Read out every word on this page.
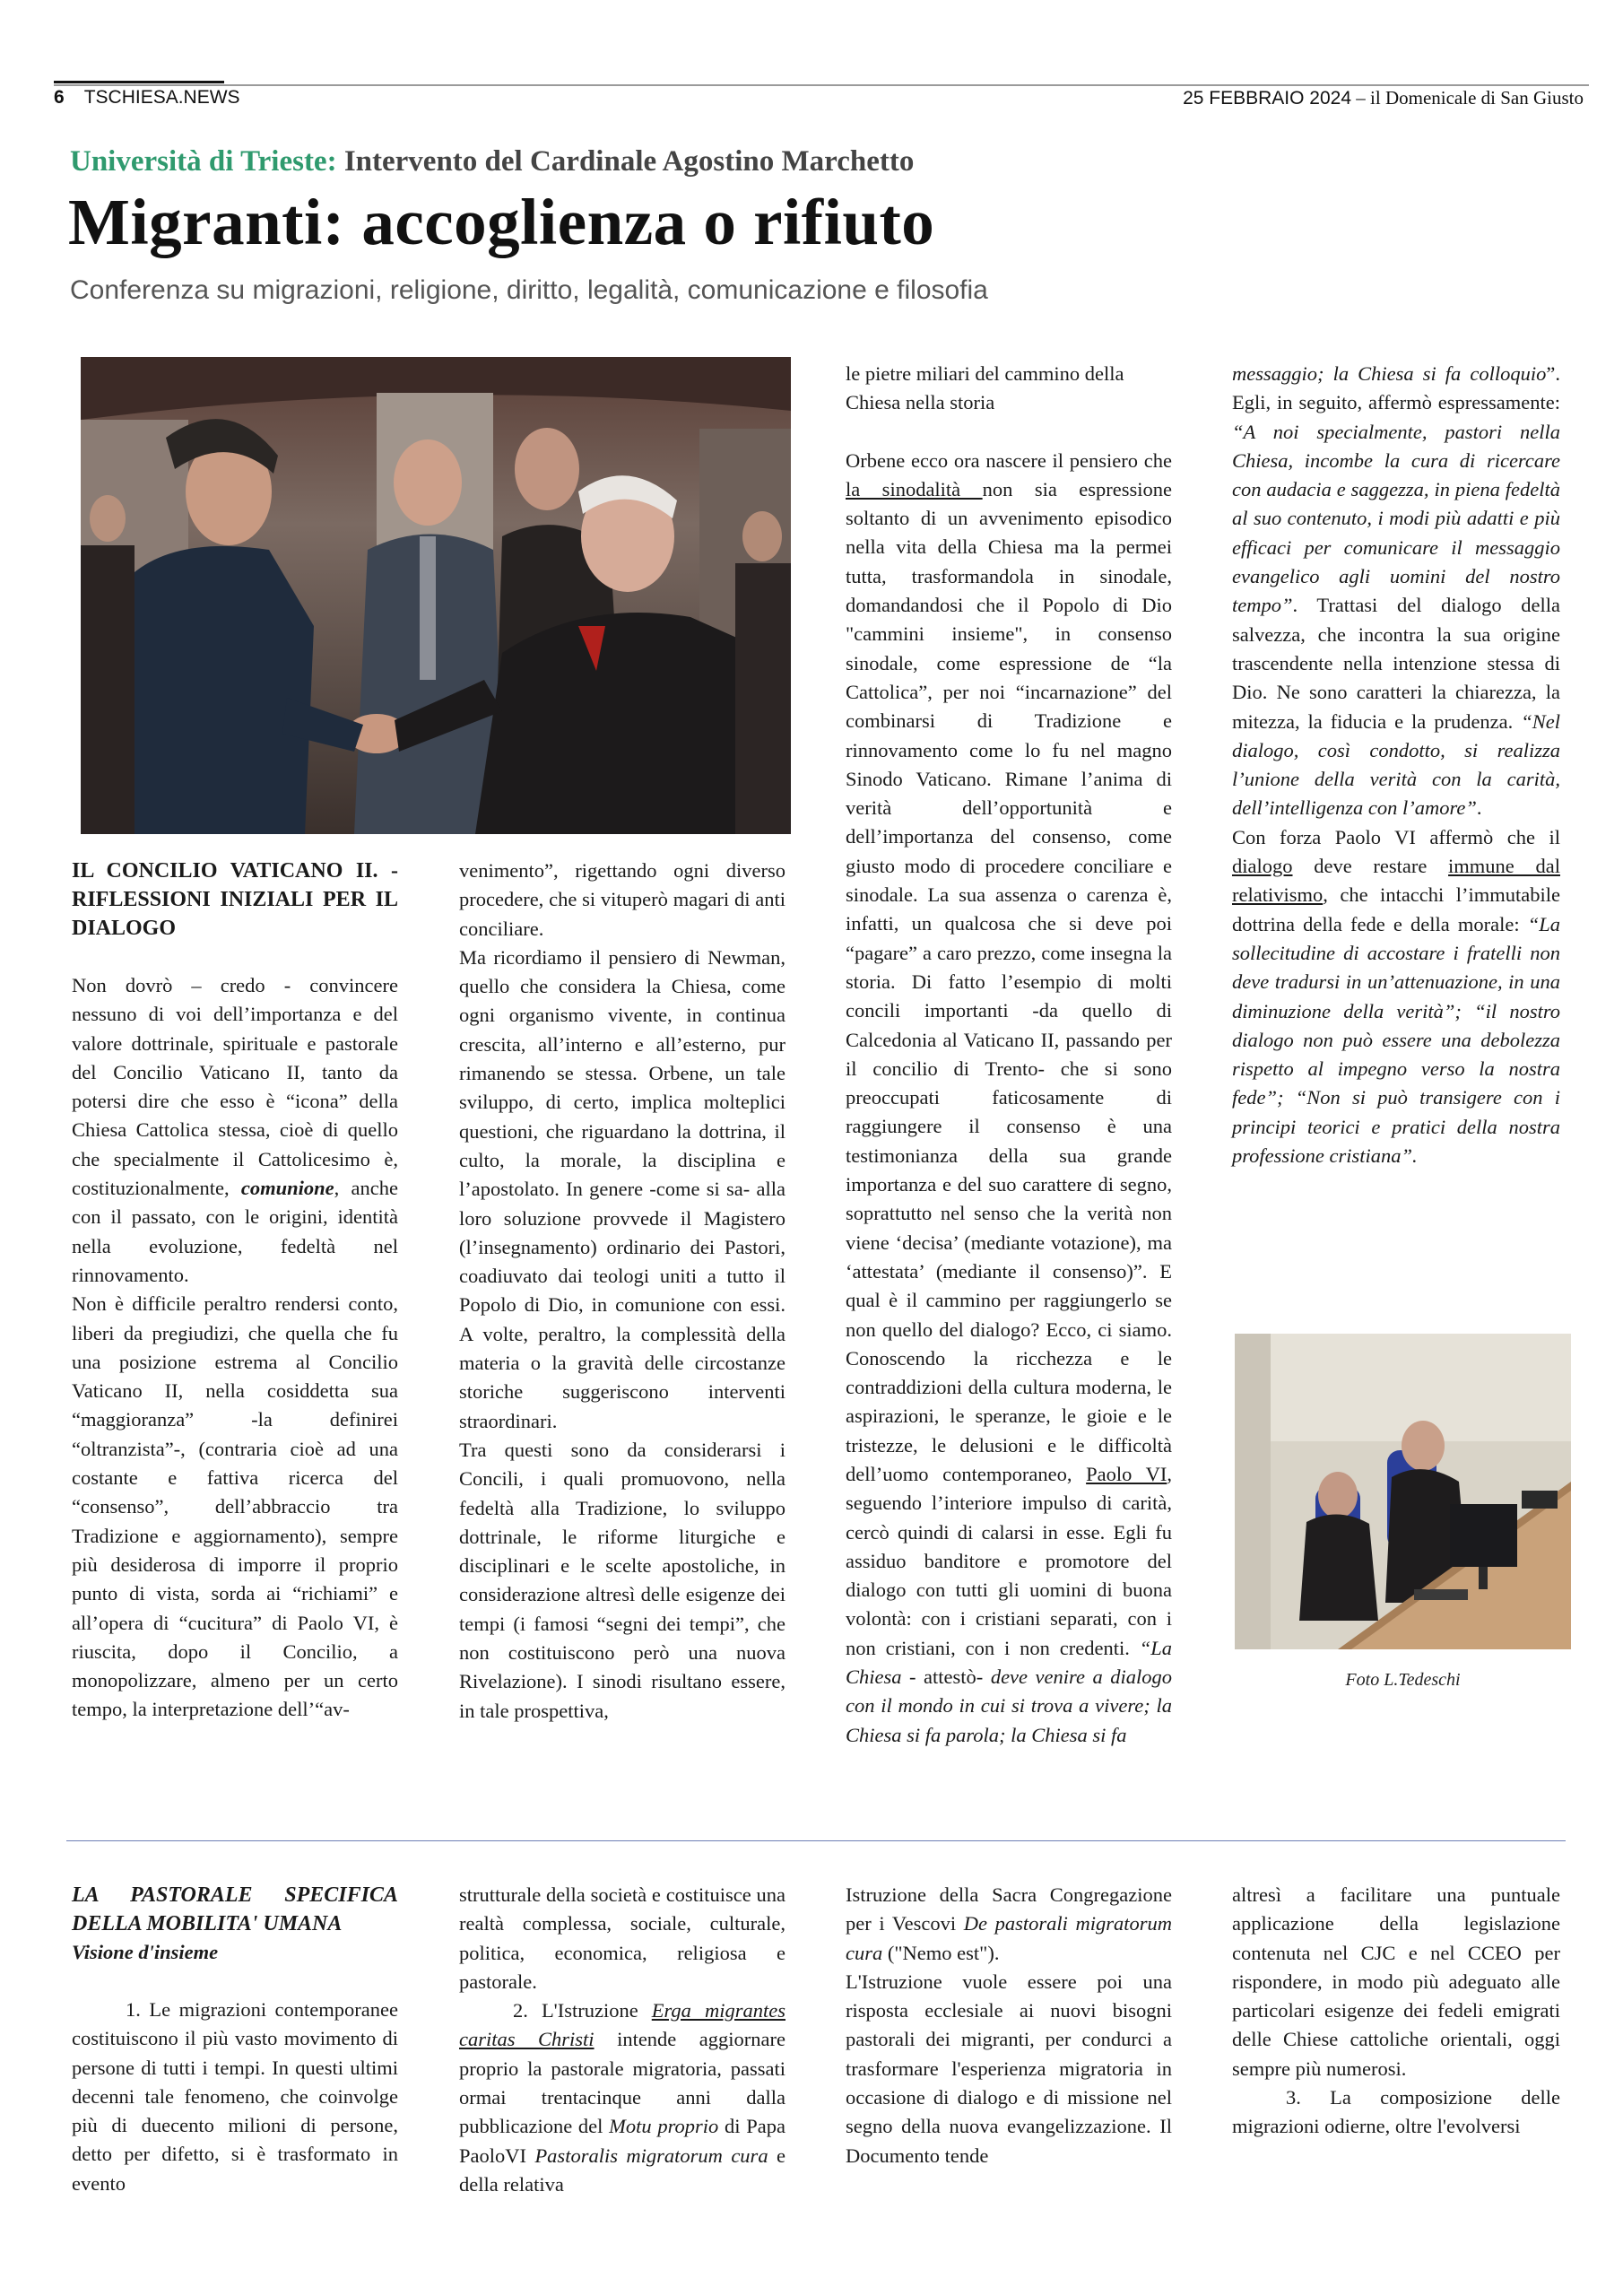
6 TSCHIESA.NEWS	25 FEBBRAIO 2024 – il Domenicale di San Giusto
Università di Trieste: Intervento del Cardinale Agostino Marchetto
Migranti: accoglienza o rifiuto
Conferenza su migrazioni, religione, diritto, legalità, comunicazione e filosofia
Foto L.Tedeschi
IL CONCILIO VATICANO II. - RIFLESSIONI INIZIALI PER IL DIALOGO

Non dovrò – credo - convincere nessuno di voi dell’importanza e del valore dottrinale, spirituale e pastorale del Concilio Vaticano II, tanto da potersi dire che esso è “icona” della Chiesa Cattolica stessa, cioè di quello che specialmente il Cattolicesimo è, costituzionalmente, comunione, anche con il passato, con le origini, identità nella evoluzione, fedeltà nel rinnovamento.

Non è difficile peraltro rendersi conto, liberi da pregiudizi, che quella che fu una posizione estrema al Concilio Vaticano II, nella cosiddetta sua “maggioranza” -la definirei “oltranzista”-, (contraria cioè ad una costante e fattiva ricerca del “consenso”, dell’abbraccio tra Tradizione e aggiornamento), sempre più desiderosa di imporre il proprio punto di vista, sorda ai “richiami” e all’opera di “cucitura” di Paolo VI, è riuscita, dopo il Concilio, a monopolizzare, almeno per un certo tempo, la interpretazione dell’“av-

venimento”, rigettando ogni diverso procedere, che si vituperò magari di anti conciliare.

Ma ricordiamo il pensiero di Newman, quello che considera la Chiesa, come ogni organismo vivente, in continua crescita, all’interno e all’esterno, pur rimanendo se stessa. Orbene, un tale sviluppo, di certo, implica molteplici questioni, che riguardano la dottrina, il culto, la morale, la disciplina e l’apostolato. In genere -come si sa- alla loro soluzione provvede il Magistero (l’insegnamento) ordinario dei Pastori, coadiuvato dai teologi uniti a tutto il Popolo di Dio, in comunione con essi. A volte, peraltro, la complessità della materia o la gravità delle circostanze storiche suggeriscono interventi straordinari.

Tra questi sono da considerarsi i Concili, i quali promuovono, nella fedeltà alla Tradizione, lo sviluppo dottrinale, le riforme liturgiche e disciplinari e le scelte apostoliche, in considerazione altresì delle esigenze dei tempi (i famosi “segni dei tempi”, che non costituiscono però una nuova Rivelazione). I sinodi risultano essere, in tale prospettiva,

le pietre miliari del cammino della Chiesa nella storia

Orbene ecco ora nascere il pensiero che la sinodalità non sia espressione soltanto di un avvenimento episodico nella vita della Chiesa ma la permei tutta, trasformandola in sinodale, domandandosi che il Popolo di Dio "cammini insieme", in consenso sinodale, come espressione de “la Cattolica”, per noi “incarnazione” del combinarsi di Tradizione e rinnovamento come lo fu nel magno Sinodo Vaticano. Rimane l’anima di verità dell’opportunità e dell’importanza del consenso, come giusto modo di procedere conciliare e sinodale. La sua assenza o carenza è, infatti, un qualcosa che si deve poi “pagare” a caro prezzo, come insegna la storia. Di fatto l’esempio di molti concili importanti -da quello di Calcedonia al Vaticano II, passando per il concilio di Trento- che si sono preoccupati faticosamente di raggiungere il consenso è una testimonianza della sua grande importanza e del suo carattere di segno, soprattutto nel senso che la verità non viene ‘decisa’ (mediante votazione), ma ‘attestata’ (mediante il consenso)”. E qual è il cammino per raggiungerlo se non quello del dialogo? Ecco, ci siamo. Conoscendo la ricchezza e le contraddizioni della cultura moderna, le aspirazioni, le speranze, le gioie e le tristezze, le delusioni e le difficoltà dell’uomo contemporaneo, Paolo VI, seguendo l’interiore impulso di carità, cercò quindi di calarsi in esse. Egli fu assiduo banditore e promotore del dialogo con tutti gli uomini di buona volontà: con i cristiani separati, con i non cristiani, con i non credenti. “La Chiesa - attestò- deve venire a dialogo con il mondo in cui si trova a vivere; la Chiesa si fa parola; la Chiesa si fa

messaggio; la Chiesa si fa colloquio”. Egli, in seguito, affermò espressamente: “A noi specialmente, pastori nella Chiesa, incombe la cura di ricercare con audacia e saggezza, in piena fedeltà al suo contenuto, i modi più adatti e più efficaci per comunicare il messaggio evangelico agli uomini del nostro tempo”. Trattasi del dialogo della salvezza, che incontra la sua origine trascendente nella intenzione stessa di Dio. Ne sono caratteri la chiarezza, la mitezza, la fiducia e la prudenza. “Nel dialogo, così condotto, si realizza l’unione della verità con la carità, dell’intelligenza con l’amore”.

Con forza Paolo VI affermò che il dialogo deve restare immune dal relativismo, che intacchi l’immutabile dottrina della fede e della morale: “La sollecitudine di accostare i fratelli non deve tradursi in un’attenuazione, in una diminuzione della verità”; “il nostro dialogo non può essere una debolezza rispetto al impegno verso la nostra fede”; “Non si può transigere con i principi teorici e pratici della nostra professione cristiana”.

LA PASTORALE SPECIFICA DELLA MOBILITA' UMANA
Visione d'insieme

1. Le migrazioni contemporanee costituiscono il più vasto movimento di persone di tutti i tempi. In questi ultimi decenni tale fenomeno, che coinvolge più di duecento milioni di persone, detto per difetto, si è trasformato in evento

strutturale della società e costituisce una realtà complessa, sociale, culturale, politica, economica, religiosa e pastorale.

2. L'Istruzione Erga migrantes caritas Christi intende aggiornare proprio la pastorale migratoria, passati ormai trentacinque anni dalla pubblicazione del Motu proprio di Papa PaoloVI Pastoralis migratorum cura e della relativa

Istruzione della Sacra Congregazione per i Vescovi De pastorali migratorum cura ("Nemo est").

L'Istruzione vuole essere poi una risposta ecclesiale ai nuovi bisogni pastorali dei migranti, per condurci a trasformare l'esperienza migratoria in occasione di dialogo e di missione nel segno della nuova evangelizzazione. Il Documento tende

altresì a facilitare una puntuale applicazione della legislazione contenuta nel CJC e nel CCEO per rispondere, in modo più adeguato alle particolari esigenze dei fedeli emigrati delle Chiese cattoliche orientali, oggi sempre più numerosi.

3. La composizione delle migrazioni odierne, oltre l'evolversi
